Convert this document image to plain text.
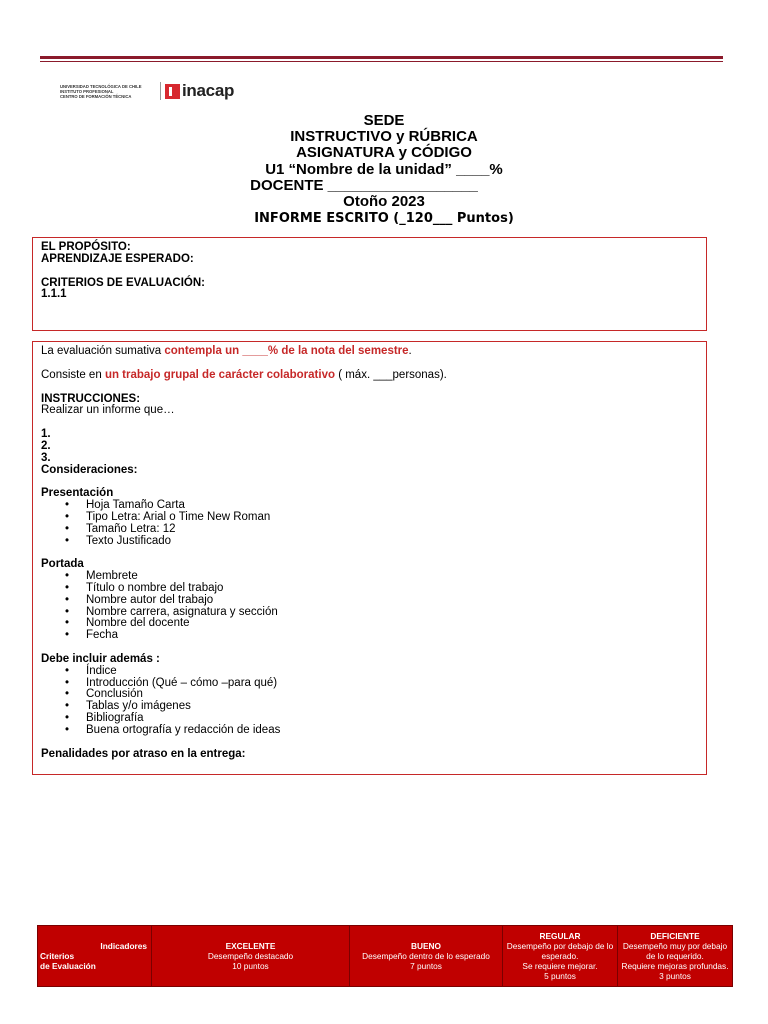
UNIVERSIDAD TECNOLÓGICA DE CHILE
INSTITUTO PROFESIONAL
CENTRO DE FORMACIÓN TÉCNICA	inacap
SEDE
INSTRUCTIVO y RÚBRICA
ASIGNATURA y CÓDIGO
U1 “Nombre de la unidad” ____%
DOCENTE __________________
Otoño 2023
INFORME ESCRITO (_120___ Puntos)

EL PROPÓSITO:

APRENDIZAJE ESPERADO:

CRITERIOS DE EVALUACIÓN:

1.1.1

La evaluación sumativa contempla un ____% de la nota del semestre.

Consiste en un trabajo grupal de carácter colaborativo ( máx. ___personas).

INSTRUCCIONES:

Realizar un informe que…

1.

2.

3.

Consideraciones:

Presentación

• Hoja Tamaño Carta
• Tipo Letra: Arial o Time New Roman
• Tamaño Letra: 12
• Texto Justificado

Portada

• Membrete
• Título o nombre del trabajo
• Nombre autor del trabajo
• Nombre carrera, asignatura y sección
• Nombre del docente
• Fecha

Debe incluir además :

• Índice
• Introducción (Qué – cómo –para qué)
• Conclusión
• Tablas y/o imágenes
• Bibliografía
• Buena ortografía y redacción de ideas

Penalidades por atraso en la entrega:

Indicadores
Criterios
de Evaluación

EXCELENTE
Desempeño destacado
10 puntos

BUENO
Desempeño dentro de lo esperado
7 puntos

REGULAR
Desempeño por debajo de lo esperado.
Se requiere mejorar.
5 puntos

DEFICIENTE
Desempeño muy por debajo de lo requerido.
Requiere mejoras profundas.
3 puntos
